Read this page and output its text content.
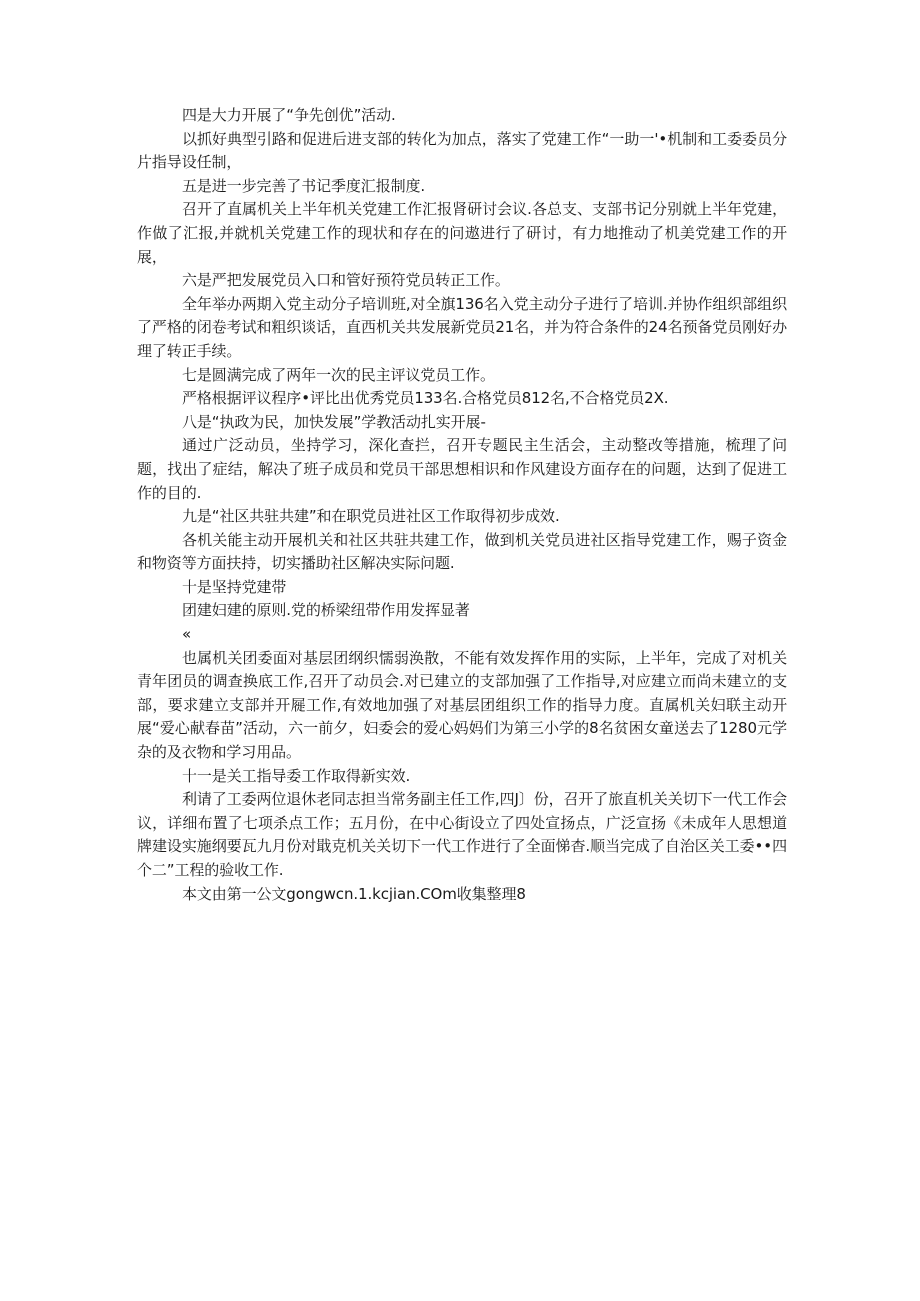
四是大力开展了“争先创优”活动.

以抓好典型引路和促进后进支部的转化为加点，落实了党建工作“一助一'•机制和工委委员分片指导设任制，

五是进一步完善了书记季度汇报制度.

召开了直属机关上半年机关党建工作汇报肾研讨会议.各总支、支部书记分别就上半年党建，作做了汇报,并就机关党建工作的现状和存在的问遨进行了研讨，有力地推动了机美党建工作的开展，

六是严把发展党员入口和管好预符党员转正工作。

全年举办两期入党主动分子培训班,对全旗136名入党主动分子进行了培训.并协作组织部组织了严格的闭卷考试和粗织谈话，直西机关共发展新党员21名，并为符合条件的24名预备党员刚好办理了转正手续。

七是圆满完成了两年一次的民主评议党员工作。

严格根据评议程序•评比出优秀党员133名.合格党员812名,不合格党员2X.

八是“执政为民，加快发展”学教活动扎实开展-

通过广泛动员，坐持学习，深化查拦，召开专题民主生活会，主动整改等措施，梳理了问题，找出了症结，解决了班子成员和党员干部思想相识和作风建设方面存在的问题，达到了促进工作的目的.

九是“社区共驻共建”和在职党员进社区工作取得初步成效.

各机关能主动开展机关和社区共驻共建工作，做到机关党员进社区指导党建工作，赐子资金和物资等方面扶持，切实播助社区解决实际问题.

十是坚持党建带

团建妇建的原则.党的桥梁纽带作用发挥显著

«

也属机关团委面对基层团纲织懦弱涣散，不能有效发挥作用的实际，上半年，完成了对机关青年团员的调查换底工作,召开了动员会.对已建立的支部加强了工作指导,对应建立而尚未建立的支部，要求建立支部并开屣工作,有效地加强了对基层团组织工作的指导力度。直属机关妇联主动开展“爱心献春苗”活动，六一前夕，妇委会的爱心妈妈们为第三小学的8名贫困女童送去了1280元学杂的及衣物和学习用品。

十一是关工指导委工作取得新实效.

利请了工委两位退休老同志担当常务副主任工作,四J〕份，召开了旅直机关关切下一代工作会议，详细布置了七项杀点工作；五月份，在中心街设立了四处宣扬点，广泛宣扬《未成年人思想道牌建设实施纲要瓦九月份对戢克机关关切下一代工作进行了全面悌杳.顺当完成了自治区关工委••四个二”工程的验收工作.

本文由第一公文gongwcn.1.kcjian.COm收集整理8
